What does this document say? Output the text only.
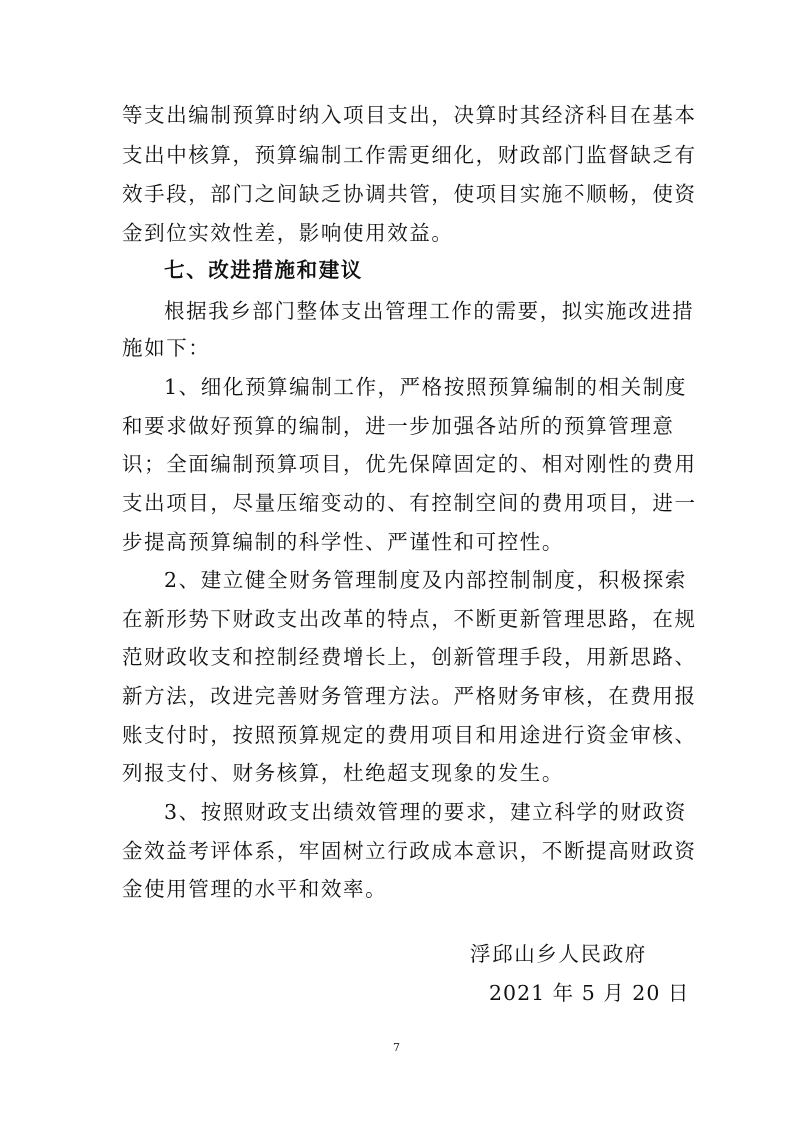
等支出编制预算时纳入项目支出，决算时其经济科目在基本
支出中核算，预算编制工作需更细化，财政部门监督缺乏有
效手段，部门之间缺乏协调共管，使项目实施不顺畅，使资
金到位实效性差，影响使用效益。
七、改进措施和建议
根据我乡部门整体支出管理工作的需要，拟实施改进措
施如下：
1、细化预算编制工作，严格按照预算编制的相关制度
和要求做好预算的编制，进一步加强各站所的预算管理意
识；全面编制预算项目，优先保障固定的、相对刚性的费用
支出项目，尽量压缩变动的、有控制空间的费用项目，进一
步提高预算编制的科学性、严谨性和可控性。
2、建立健全财务管理制度及内部控制制度，积极探索
在新形势下财政支出改革的特点，不断更新管理思路，在规
范财政收支和控制经费增长上，创新管理手段，用新思路、
新方法，改进完善财务管理方法。严格财务审核，在费用报
账支付时，按照预算规定的费用项目和用途进行资金审核、
列报支付、财务核算，杜绝超支现象的发生。
3、按照财政支出绩效管理的要求，建立科学的财政资
金效益考评体系，牢固树立行政成本意识，不断提高财政资
金使用管理的水平和效率。
浮邱山乡人民政府
2021 年 5 月 20 日
7
